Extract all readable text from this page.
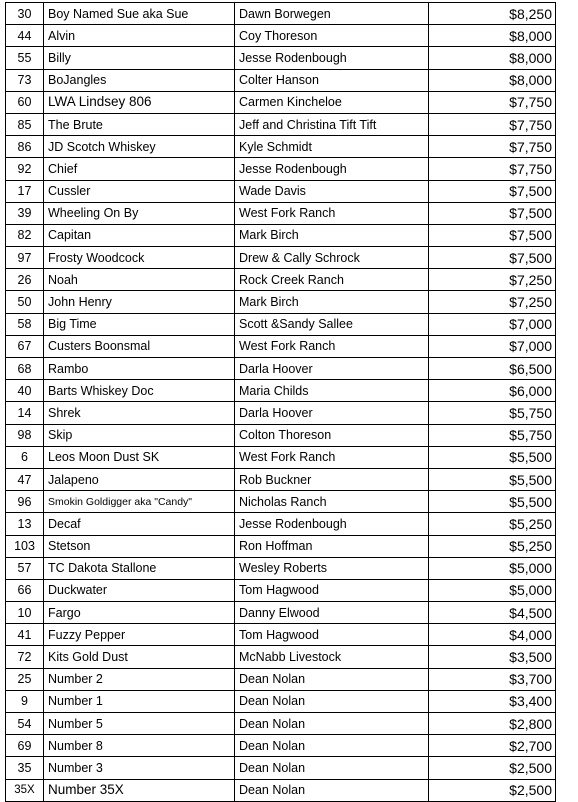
30	Boy Named Sue aka Sue	Dawn Borwegen	$8,250
44	Alvin	Coy Thoreson	$8,000
55	Billy	Jesse Rodenbough	$8,000
73	BoJangles	Colter Hanson	$8,000
60	LWA Lindsey 806	Carmen Kincheloe	$7,750
85	The Brute	Jeff and Christina Tift Tift	$7,750
86	JD Scotch Whiskey	Kyle Schmidt	$7,750
92	Chief	Jesse Rodenbough	$7,750
17	Cussler	Wade Davis	$7,500
39	Wheeling On By	West Fork Ranch	$7,500
82	Capitan	Mark Birch	$7,500
97	Frosty Woodcock	Drew & Cally Schrock	$7,500
26	Noah	Rock Creek Ranch	$7,250
50	John Henry	Mark Birch	$7,250
58	Big Time	Scott &Sandy Sallee	$7,000
67	Custers Boonsmal	West Fork Ranch	$7,000
68	Rambo	Darla Hoover	$6,500
40	Barts Whiskey Doc	Maria Childs	$6,000
14	Shrek	Darla Hoover	$5,750
98	Skip	Colton Thoreson	$5,750
6	Leos Moon Dust SK	West Fork Ranch	$5,500
47	Jalapeno	Rob Buckner	$5,500
96	Smokin Goldigger aka "Candy"	Nicholas Ranch	$5,500
13	Decaf	Jesse Rodenbough	$5,250
103	Stetson	Ron Hoffman	$5,250
57	TC Dakota Stallone	Wesley Roberts	$5,000
66	Duckwater	Tom Hagwood	$5,000
10	Fargo	Danny Elwood	$4,500
41	Fuzzy Pepper	Tom Hagwood	$4,000
72	Kits Gold Dust	McNabb Livestock	$3,500
25	Number 2	Dean Nolan	$3,700
9	Number 1	Dean Nolan	$3,400
54	Number 5	Dean Nolan	$2,800
69	Number 8	Dean Nolan	$2,700
35	Number 3	Dean Nolan	$2,500
35X	Number 35X	Dean Nolan	$2,500
